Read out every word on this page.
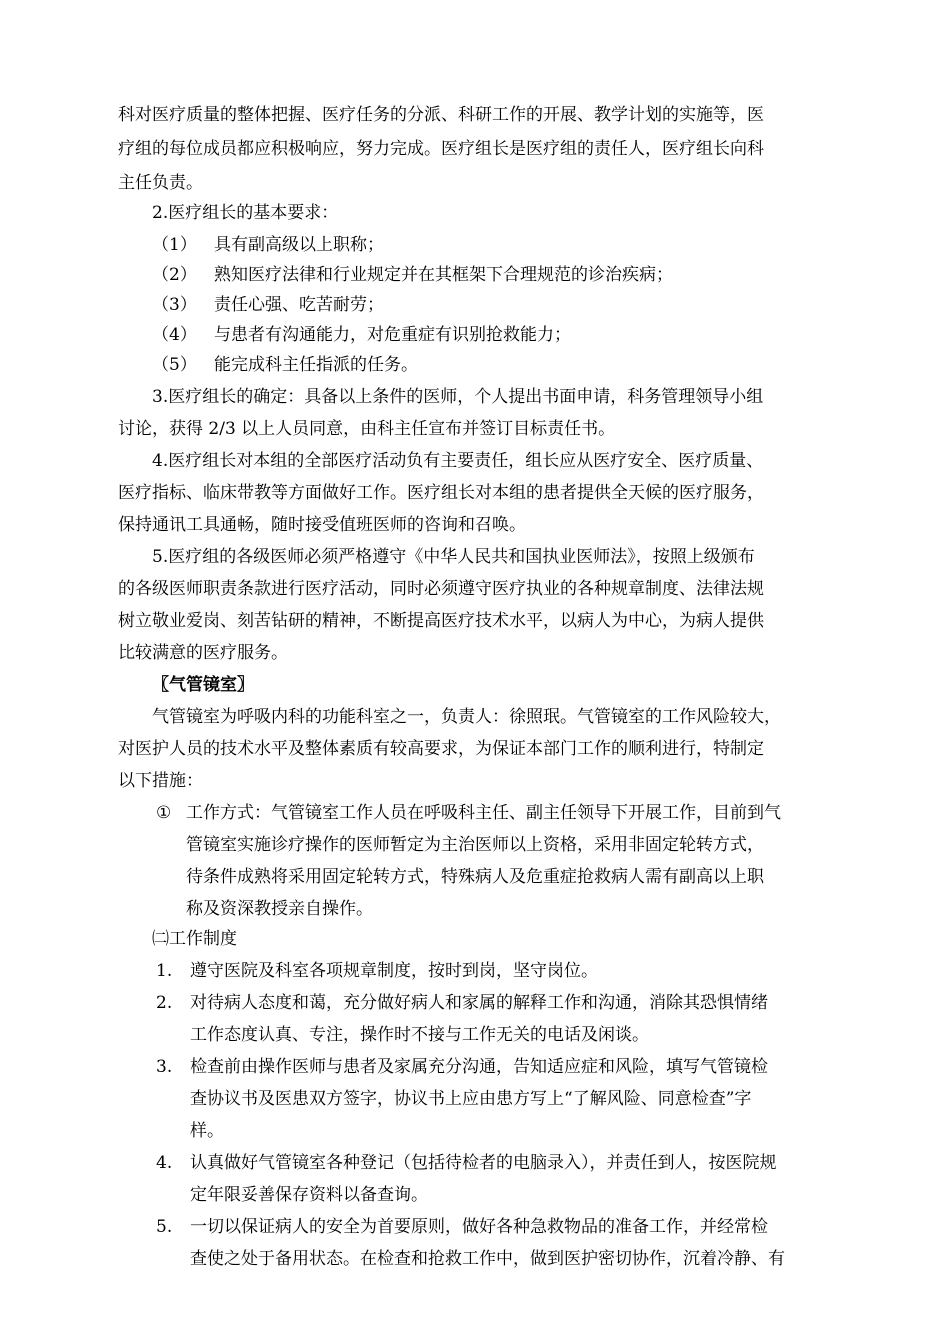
科对医疗质量的整体把握、医疗任务的分派、科研工作的开展、教学计划的实施等，医
疗组的每位成员都应积极响应，努力完成。医疗组长是医疗组的责任人，医疗组长向科
主任负责。
2.医疗组长的基本要求：
（1） 具有副高级以上职称；
（2） 熟知医疗法律和行业规定并在其框架下合理规范的诊治疾病；
（3） 责任心强、吃苦耐劳；
（4） 与患者有沟通能力，对危重症有识别抢救能力；
（5） 能完成科主任指派的任务。
3.医疗组长的确定：具备以上条件的医师，个人提出书面申请，科务管理领导小组
讨论，获得 2/3 以上人员同意，由科主任宣布并签订目标责任书。
4.医疗组长对本组的全部医疗活动负有主要责任，组长应从医疗安全、医疗质量、
医疗指标、临床带教等方面做好工作。医疗组长对本组的患者提供全天候的医疗服务，
保持通讯工具通畅，随时接受值班医师的咨询和召唤。
5.医疗组的各级医师必须严格遵守《中华人民共和国执业医师法》，按照上级颁布
的各级医师职责条款进行医疗活动，同时必须遵守医疗执业的各种规章制度、法律法规
树立敬业爱岗、刻苦钻研的精神，不断提高医疗技术水平，以病人为中心，为病人提供
比较满意的医疗服务。
〖气管镜室〗
气管镜室为呼吸内科的功能科室之一，负责人：徐照珉。气管镜室的工作风险较大，
对医护人员的技术水平及整体素质有较高要求，为保证本部门工作的顺利进行，特制定
以下措施：
① 工作方式：气管镜室工作人员在呼吸科主任、副主任领导下开展工作，目前到气
管镜室实施诊疗操作的医师暂定为主治医师以上资格，采用非固定轮转方式，
待条件成熟将采用固定轮转方式，特殊病人及危重症抢救病人需有副高以上职
称及资深教授亲自操作。
㈡工作制度
1. 遵守医院及科室各项规章制度，按时到岗，坚守岗位。
2. 对待病人态度和蔼，充分做好病人和家属的解释工作和沟通，消除其恐惧情绪
工作态度认真、专注，操作时不接与工作无关的电话及闲谈。
3. 检查前由操作医师与患者及家属充分沟通，告知适应症和风险，填写气管镜检
查协议书及医患双方签字，协议书上应由患方写上“了解风险、同意检查”字
样。
4. 认真做好气管镜室各种登记（包括待检者的电脑录入），并责任到人，按医院规
定年限妥善保存资料以备查询。
5. 一切以保证病人的安全为首要原则，做好各种急救物品的准备工作，并经常检
查使之处于备用状态。在检查和抢救工作中，做到医护密切协作，沉着冷静、有
